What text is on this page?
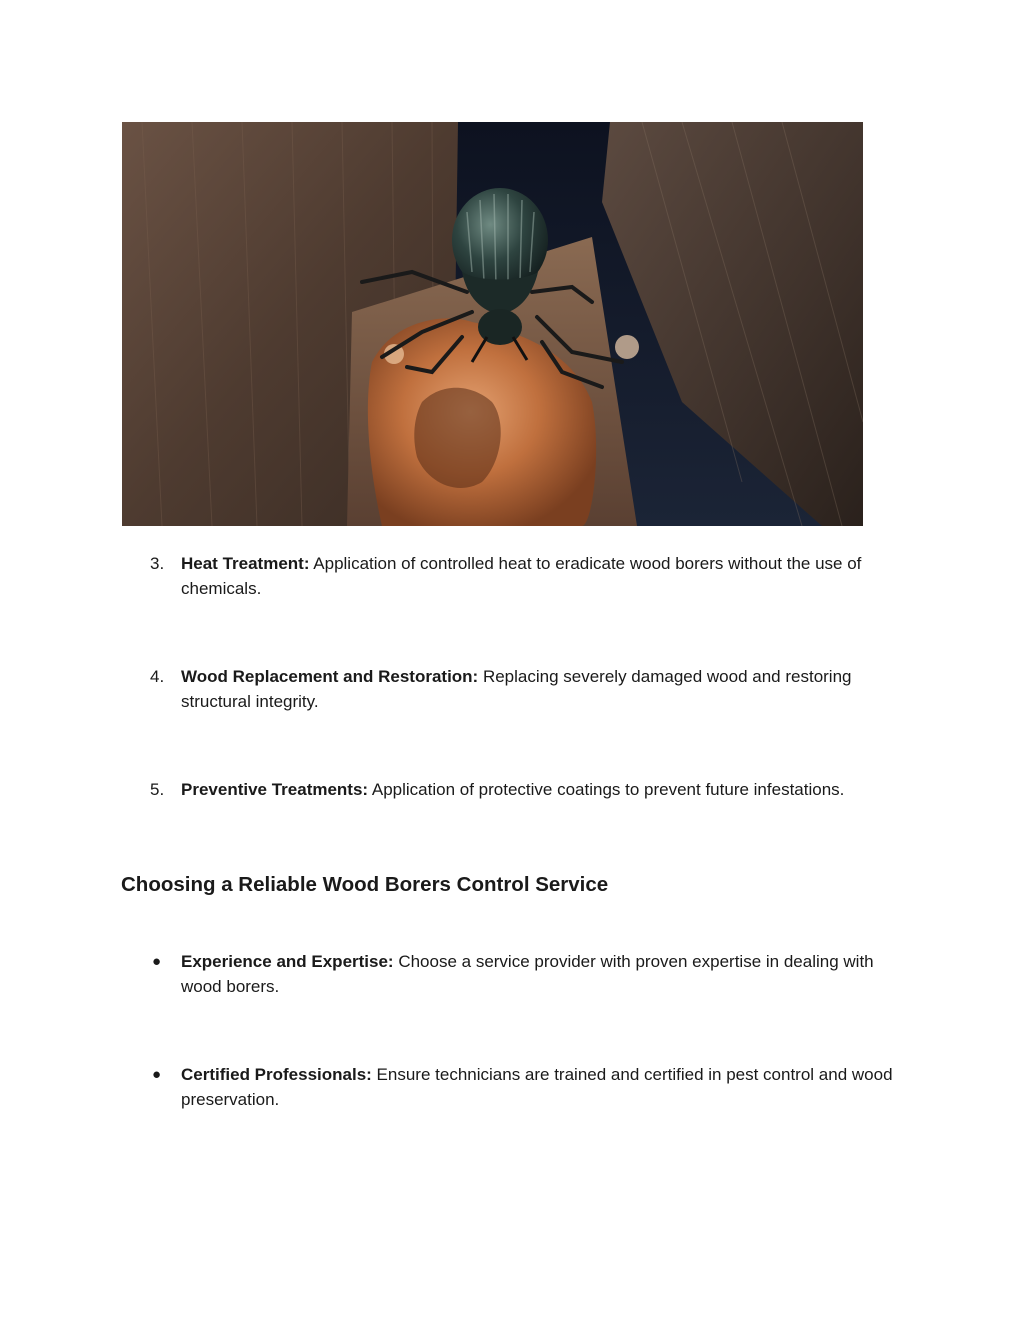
3. Heat Treatment: Application of controlled heat to eradicate wood borers without the use of chemicals.
4. Wood Replacement and Restoration: Replacing severely damaged wood and restoring structural integrity.
5. Preventive Treatments: Application of protective coatings to prevent future infestations.
Choosing a Reliable Wood Borers Control Service
●	Experience and Expertise: Choose a service provider with proven expertise in dealing with wood borers.
●	Certified Professionals: Ensure technicians are trained and certified in pest control and wood preservation.
